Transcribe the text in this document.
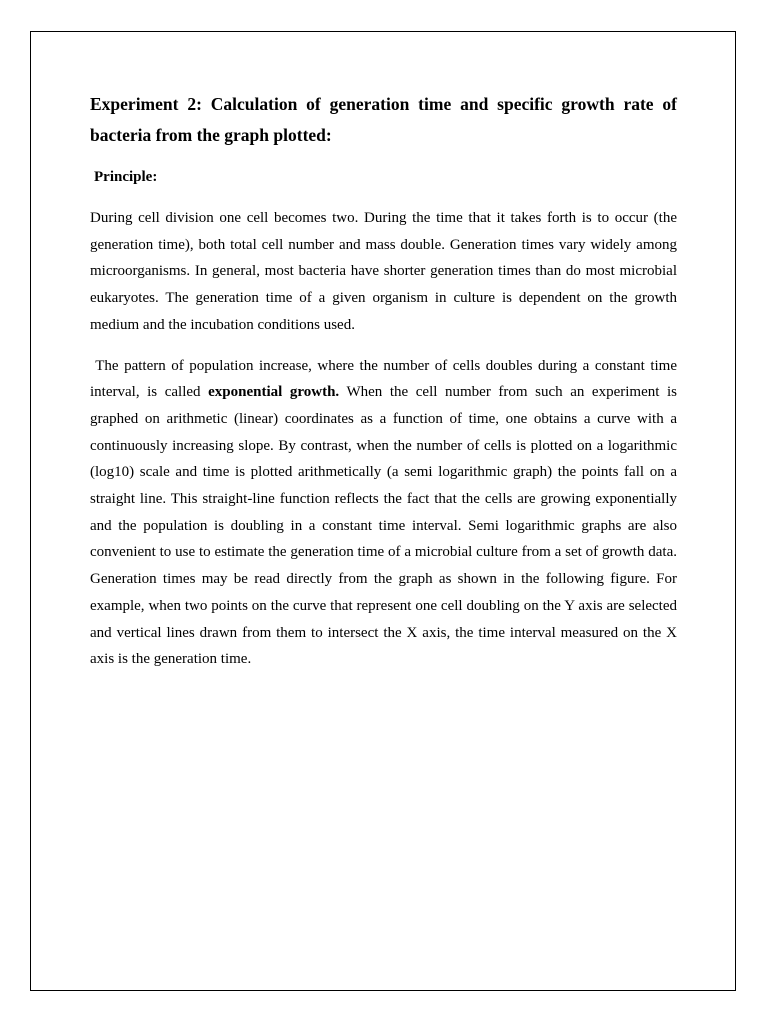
Experiment 2: Calculation of generation time and specific growth rate of bacteria from the graph plotted:
Principle:

During cell division one cell becomes two. During the time that it takes forth is to occur (the generation time), both total cell number and mass double. Generation times vary widely among microorganisms. In general, most bacteria have shorter generation times than do most microbial eukaryotes. The generation time of a given organism in culture is dependent on the growth medium and the incubation conditions used.

The pattern of population increase, where the number of cells doubles during a constant time interval, is called exponential growth. When the cell number from such an experiment is graphed on arithmetic (linear) coordinates as a function of time, one obtains a curve with a continuously increasing slope. By contrast, when the number of cells is plotted on a logarithmic (log10) scale and time is plotted arithmetically (a semi logarithmic graph) the points fall on a straight line. This straight-line function reflects the fact that the cells are growing exponentially and the population is doubling in a constant time interval. Semi logarithmic graphs are also convenient to use to estimate the generation time of a microbial culture from a set of growth data. Generation times may be read directly from the graph as shown in the following figure. For example, when two points on the curve that represent one cell doubling on the Y axis are selected and vertical lines drawn from them to intersect the X axis, the time interval measured on the X axis is the generation time.
